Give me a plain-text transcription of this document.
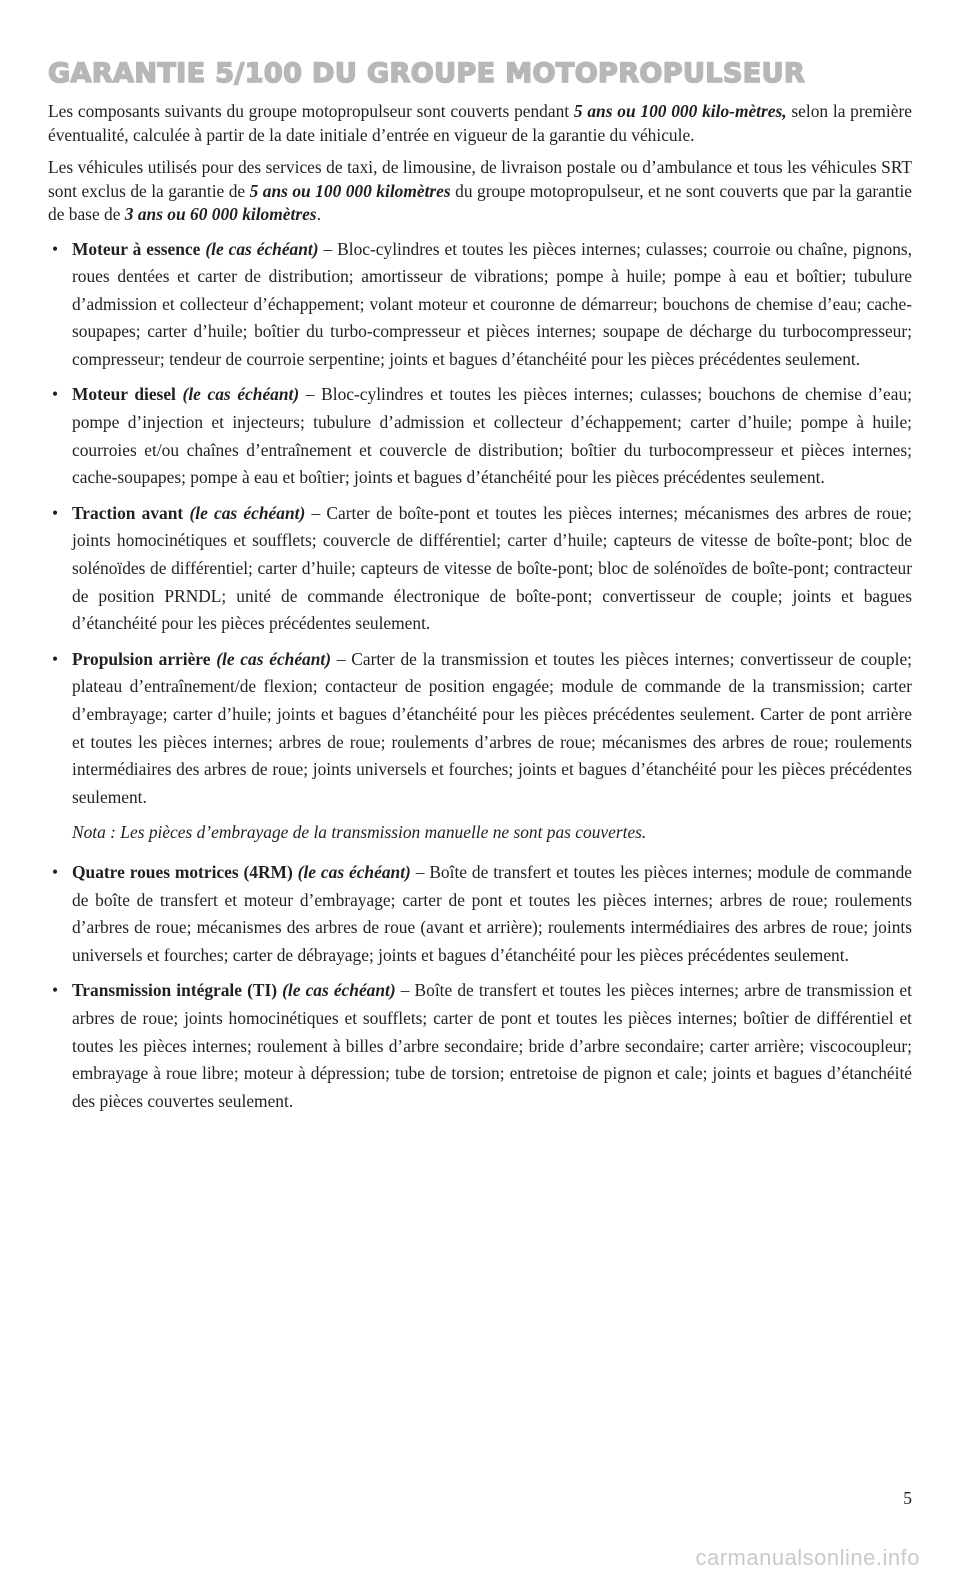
GARANTIE 5/100 DU GROUPE MOTOPROPULSEUR

Les composants suivants du groupe motopropulseur sont couverts pendant 5 ans ou 100 000 kilo-mètres, selon la première éventualité, calculée à partir de la date initiale d’entrée en vigueur de la garantie du véhicule.

Les véhicules utilisés pour des services de taxi, de limousine, de livraison postale ou d’ambulance et tous les véhicules SRT sont exclus de la garantie de 5 ans ou 100 000 kilomètres du groupe motopropulseur, et ne sont couverts que par la garantie de base de 3 ans ou 60 000 kilomètres.

• Moteur à essence (le cas échéant) – Bloc-cylindres et toutes les pièces internes; culasses; courroie ou chaîne, pignons, roues dentées et carter de distribution; amortisseur de vibrations; pompe à huile; pompe à eau et boîtier; tubulure d’admission et collecteur d’échappement; volant moteur et couronne de démarreur; bouchons de chemise d’eau; cache-soupapes; carter d’huile; boîtier du turbo-compresseur et pièces internes; soupape de décharge du turbocompresseur; compresseur; tendeur de courroie serpentine; joints et bagues d’étanchéité pour les pièces précédentes seulement.
• Moteur diesel (le cas échéant) – Bloc-cylindres et toutes les pièces internes; culasses; bouchons de chemise d’eau; pompe d’injection et injecteurs; tubulure d’admission et collecteur d’échappement; carter d’huile; pompe à huile; courroies et/ou chaînes d’entraînement et couvercle de distribution; boîtier du turbocompresseur et pièces internes; cache-soupapes; pompe à eau et boîtier; joints et bagues d’étanchéité pour les pièces précédentes seulement.
• Traction avant (le cas échéant) – Carter de boîte-pont et toutes les pièces internes; mécanismes des arbres de roue; joints homocinétiques et soufflets; couvercle de différentiel; carter d’huile; capteurs de vitesse de boîte-pont; bloc de solénoïdes de différentiel; carter d’huile; capteurs de vitesse de boîte-pont; bloc de solénoïdes de boîte-pont; contracteur de position PRNDL; unité de commande électronique de boîte-pont; convertisseur de couple; joints et bagues d’étanchéité pour les pièces précédentes seulement.
• Propulsion arrière (le cas échéant) – Carter de la transmission et toutes les pièces internes; convertisseur de couple; plateau d’entraînement/de flexion; contacteur de position engagée; module de commande de la transmission; carter d’embrayage; carter d’huile; joints et bagues d’étanchéité pour les pièces précédentes seulement. Carter de pont arrière et toutes les pièces internes; arbres de roue; roulements d’arbres de roue; mécanismes des arbres de roue; roulements intermédiaires des arbres de roue; joints universels et fourches; joints et bagues d’étanchéité pour les pièces précédentes seulement.
Nota : Les pièces d’embrayage de la transmission manuelle ne sont pas couvertes.
• Quatre roues motrices (4RM) (le cas échéant) – Boîte de transfert et toutes les pièces internes; module de commande de boîte de transfert et moteur d’embrayage; carter de pont et toutes les pièces internes; arbres de roue; roulements d’arbres de roue; mécanismes des arbres de roue (avant et arrière); roulements intermédiaires des arbres de roue; joints universels et fourches; carter de débrayage; joints et bagues d’étanchéité pour les pièces précédentes seulement.
• Transmission intégrale (TI) (le cas échéant) – Boîte de transfert et toutes les pièces internes; arbre de transmission et arbres de roue; joints homocinétiques et soufflets; carter de pont et toutes les pièces internes; boîtier de différentiel et toutes les pièces internes; roulement à billes d’arbre secondaire; bride d’arbre secondaire; carter arrière; viscocoupleur; embrayage à roue libre; moteur à dépression; tube de torsion; entretoise de pignon et cale; joints et bagues d’étanchéité des pièces couvertes seulement.
5
carmanualsonline.info
